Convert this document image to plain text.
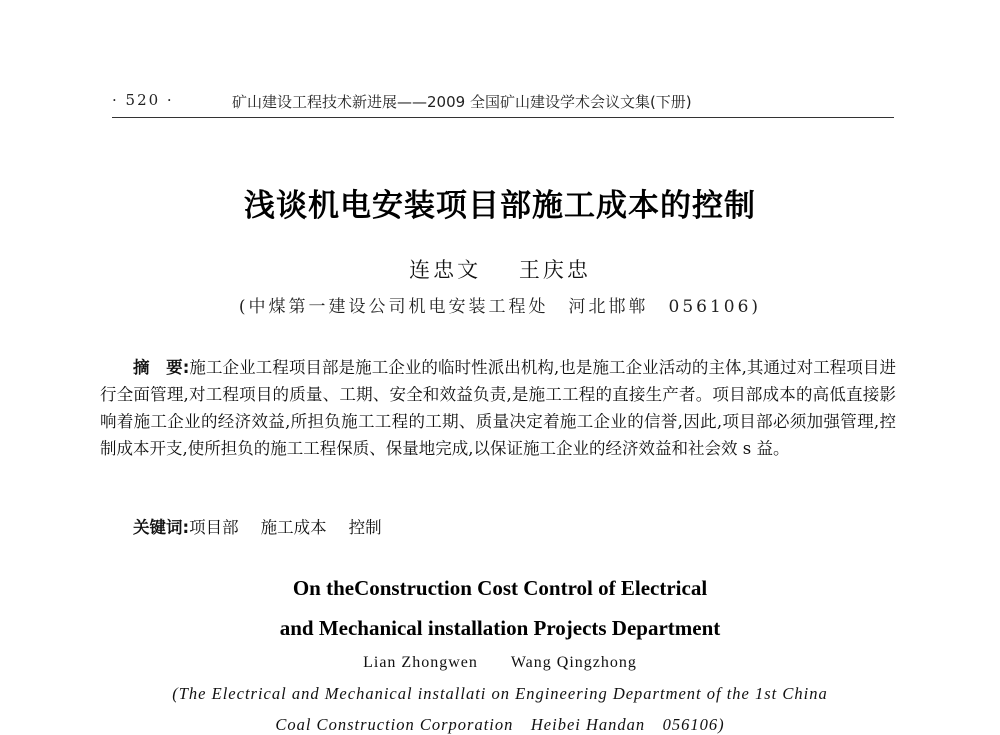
· 520 ·	矿山建设工程技术新进展——2009 全国矿山建设学术会议文集(下册)
浅谈机电安装项目部施工成本的控制
连忠文 王庆忠
(中煤第一建设公司机电安装工程处　河北邯郸　056106)

摘　要:施工企业工程项目部是施工企业的临时性派出机构,也是施工企业活动的主体,其通过对工程项目进行全面管理,对工程项目的质量、工期、安全和效益负责,是施工工程的直接生产者。项目部成本的高低直接影响着施工企业的经济效益,所担负施工工程的工期、质量决定着施工企业的信誉,因此,项目部必须加强管理,控制成本开支,使所担负的施工工程保质、保量地完成,以保证施工企业的经济效益和社会效 s 益。

关键词:项目部 施工成本 控制
On theConstruction Cost Control of Electrical
and Mechanical installation Projects Department
Lian Zhongwen Wang Qingzhong
(The Electrical and Mechanical installati on Engineering Department of the 1st China
Coal Construction Corporation　Heibei Handan　056106)
